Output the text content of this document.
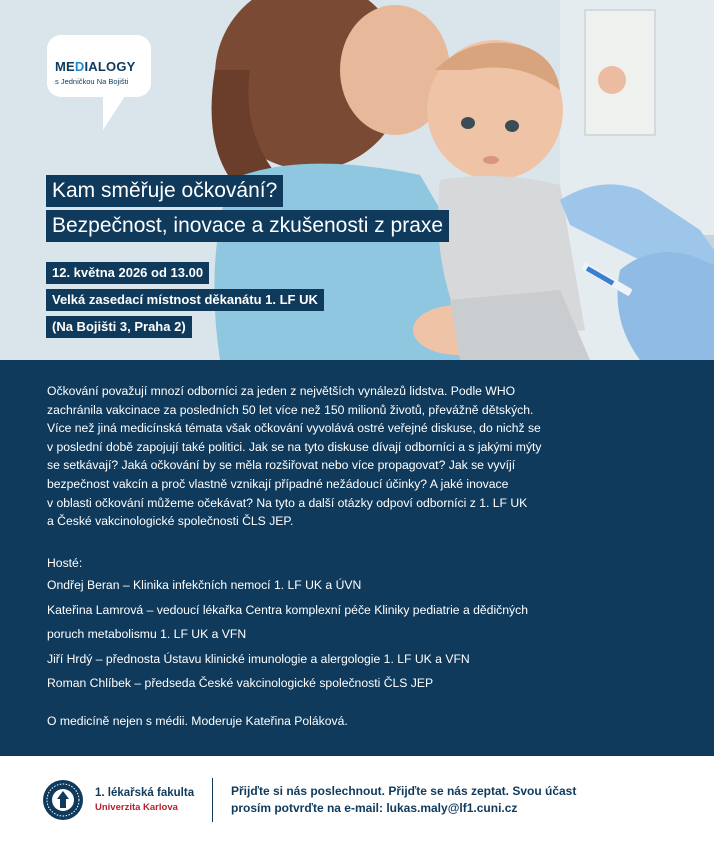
MEDIALOGY
s Jedničkou Na Bojišti
Kam směřuje očkování?
Bezpečnost, inovace a zkušenosti z praxe
12. května 2026 od 13.00
Velká zasedací místnost děkanátu 1. LF UK
(Na Bojišti 3, Praha 2)
Očkování považují mnozí odborníci za jeden z největších vynálezů lidstva. Podle WHO
zachránila vakcinace za posledních 50 let více než 150 milionů životů, převážně dětských.
Více než jiná medicínská témata však očkování vyvolává ostré veřejné diskuse, do nichž se
v poslední době zapojují také politici. Jak se na tyto diskuse dívají odborníci a s jakými mýty
se setkávají? Jaká očkování by se měla rozšiřovat nebo více propagovat? Jak se vyvíjí
bezpečnost vakcín a proč vlastně vznikají případné nežádoucí účinky? A jaké inovace
v oblasti očkování můžeme očekávat? Na tyto a další otázky odpoví odborníci z 1. LF UK
a České vakcinologické společnosti ČLS JEP.
Hosté:
Ondřej Beran – Klinika infekčních nemocí 1. LF UK a ÚVN
Kateřina Lamrová – vedoucí lékařka Centra komplexní péče Kliniky pediatrie a dědičných
poruch metabolismu 1. LF UK a VFN
Jiří Hrdý – přednosta Ústavu klinické imunologie a alergologie 1. LF UK a VFN
Roman Chlíbek – předseda České vakcinologické společnosti ČLS JEP
O medicíně nejen s médii. Moderuje Kateřina Poláková.
1. lékařská fakulta
Univerzita Karlova
Přijďte si nás poslechnout. Přijďte se nás zeptat. Svou účast
prosím potvrďte na e-mail: lukas.maly@lf1.cuni.cz
